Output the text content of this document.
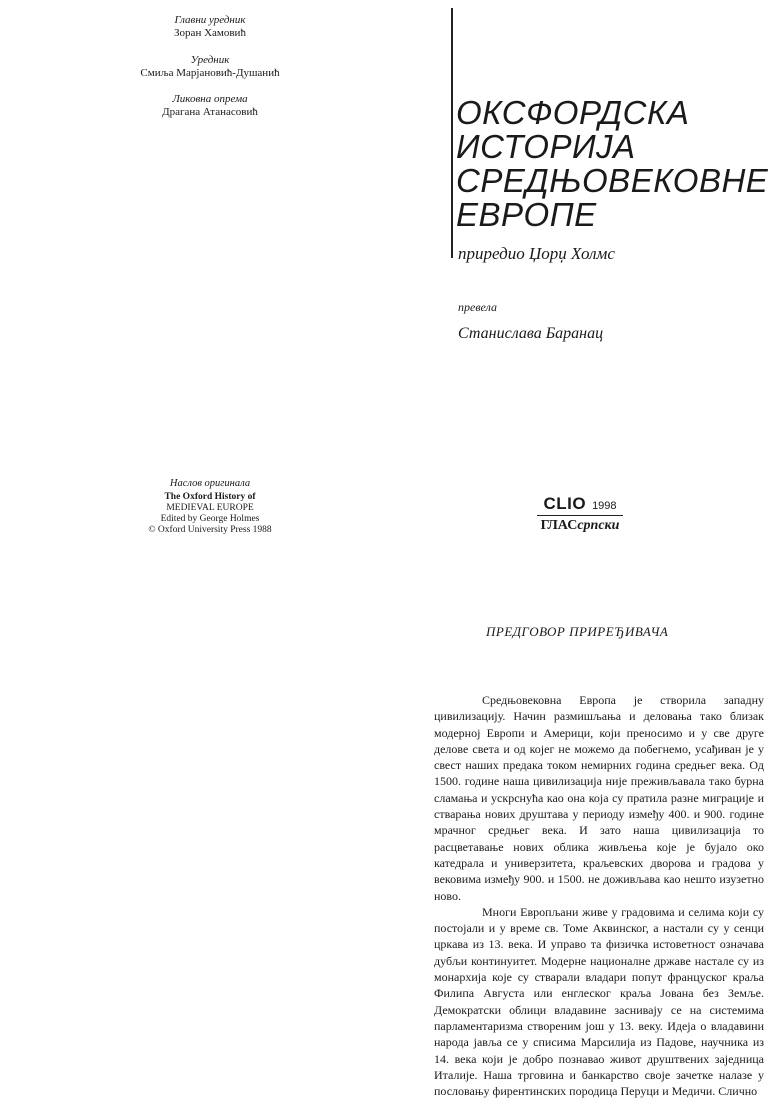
Главни уредник
Зоран Хамовић
Уредник
Смиља Марјановић-Душанић
Ликовна опрема
Драгана Атанасовић
Наслов оригинала
The Oxford History of
MEDIEVAL EUROPE
Edited by George Holmes
© Oxford University Press 1988
ОКСФОРДСКА
ИСТОРИЈА
СРЕДЊОВЕКОВНЕ
ЕВРОПЕ
приредио Џорџ Холмс
превела
Станислава Баранац
CLIO 1998
ГЛАСсрпски
ПРЕДГОВОР ПРИРЕЂИВАЧА

Средњовековна Европа је створила западну цивилизацију. Начин размишљања и деловања тако близак модерној Европи и Америци, који преносимо и у све друге делове света и од којег не можемо да побегнемо, усађиван је у свест наших предака током немирних година средњег века. Од 1500. године наша цивилизација није преживљавала тако бурна сламања и ускрснућа као она која су пратила разне миграције и стварања нових друштава у периоду између 400. и 900. године мрачног средњег века. И зато наша цивилизација то расцветавање нових облика живљења које је бујало око катедрала и универзитета, краљевских дворова и градова у вековима између 900. и 1500. не доживљава као нешто изузетно ново.

Многи Европљани живе у градовима и селима који су постојали и у време св. Томе Аквинског, а настали су у сенци цркава из 13. века. И управо та физичка истоветност означава дубљи континуитет. Модерне националне државе настале су из монархија које су стварали владари попут француског краља Филипа Августа или енглеског краља Јована без Земље. Демократски облици владавине заснивају се на системима парламентаризма створеним још у 13. веку. Идеја о владавини народа јавља се у списима Марсилија из Падове, научника из 14. века који је добро познавао живот друштвених заједница Италије. Наша трговина и банкарство своје зачетке налазе у пословању фирентинских породица Перуци и Медичи. Слично
